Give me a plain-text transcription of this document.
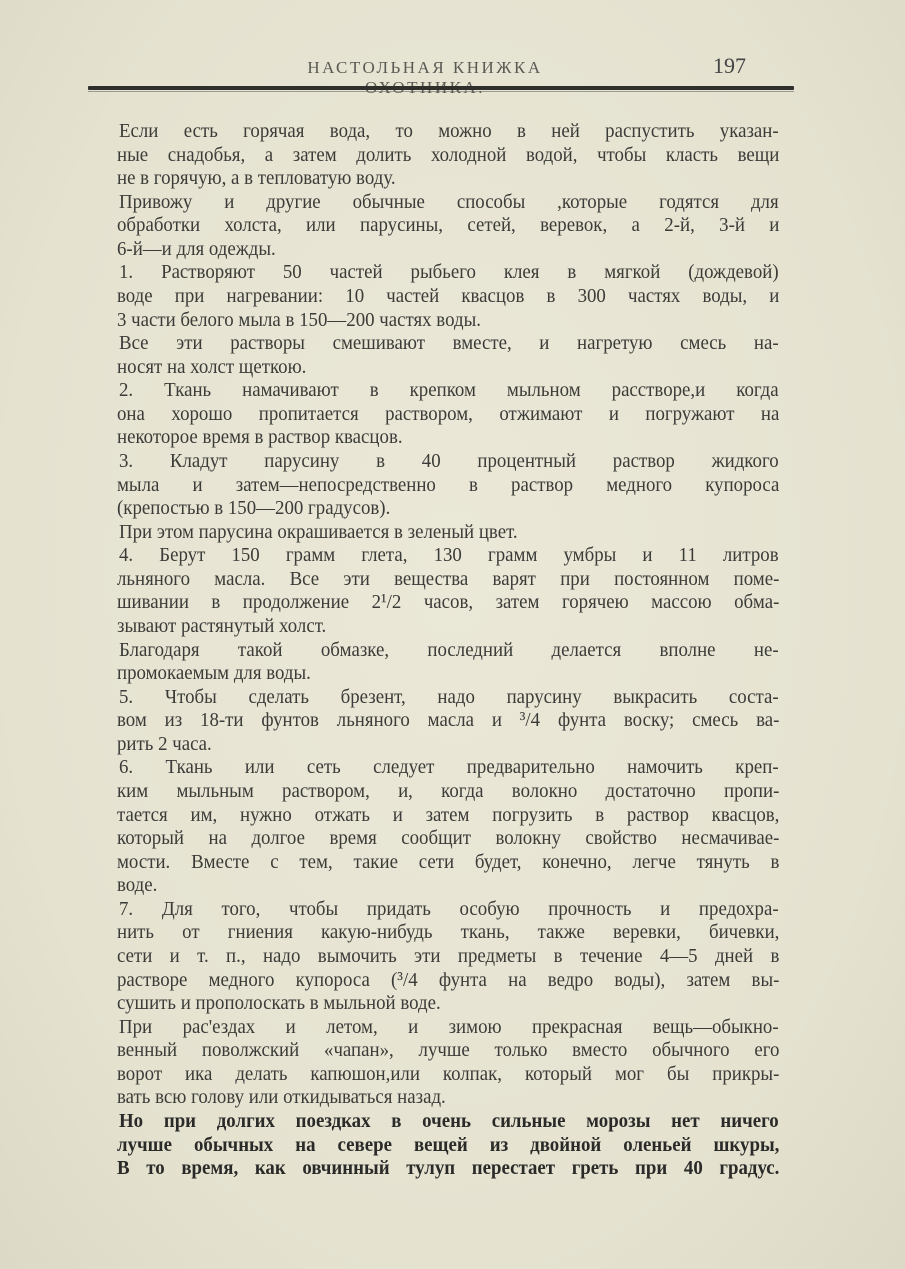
НАСТОЛЬНАЯ КНИЖКА	197
Если есть горячая вода, то можно в ней распустить указан-
ные снадобья, а затем долить холодной водой, чтобы класть вещи
не в горячую, а в тепловатую воду.
Привожу и другие обычные способы ,которые годятся для
обработки холста, или парусины, сетей, веревок, а 2-й, 3-й и
6-й—и для одежды.
1. Растворяют 50 частей рыбьего клея в мягкой (дождевой)
воде при нагревании: 10 частей квасцов в 300 частях воды, и
3 части белого мыла в 150—200 частях воды.
Все эти растворы смешивают вместе, и нагретую смесь на-
носят на холст щеткою.
2. Ткань намачивают в крепком мыльном расстворе,и когда
она хорошо пропитается раствором, отжимают и погружают на
некоторое время в раствор квасцов.
3. Кладут парусину в 40 процентный раствор жидкого
мыла и затем—непосредственно в раствор медного купороса
(крепостью в 150—200 градусов).
При этом парусина окрашивается в зеленый цвет.
4. Берут 150 грамм глета, 130 грамм умбры и 11 литров
льняного масла. Все эти вещества варят при постоянном поме-
шивании в продолжение 2¹/2 часов, затем горячею массою обма-
зывают растянутый холст.
Благодаря такой обмазке, последний делается вполне не-
промокаемым для воды.
5. Чтобы сделать брезент, надо парусину выкрасить соста-
вом из 18-ти фунтов льняного масла и ³/4 фунта воску; смесь ва-
рить 2 часа.
6. Ткань или сеть следует предварительно намочить креп-
ким мыльным раствором, и, когда волокно достаточно пропи-
тается им, нужно отжать и затем погрузить в раствор квасцов,
который на долгое время сообщит волокну свойство несмачивае-
мости. Вместе с тем, такие сети будет, конечно, легче тянуть в
воде.
7. Для того, чтобы придать особую прочность и предохра-
нить от гниения какую-нибудь ткань, также веревки, бичевки,
сети и т. п., надо вымочить эти предметы в течение 4—5 дней в
растворе медного купороса (³/4 фунта на ведро воды), затем вы-
сушить и прополоскать в мыльной воде.
При рас'ездах и летом, и зимою прекрасная вещь—обыкно-
венный поволжский «чапан», лучше только вместо обычного его
ворот ика делать капюшон,или колпак, который мог бы прикры-
вать всю голову или откидываться назад.
Но при долгих поездках в очень сильные морозы нет ничего
лучше обычных на севере вещей из двойной оленьей шкуры,
В то время, как овчинный тулуп перестает греть при 40 градус.
